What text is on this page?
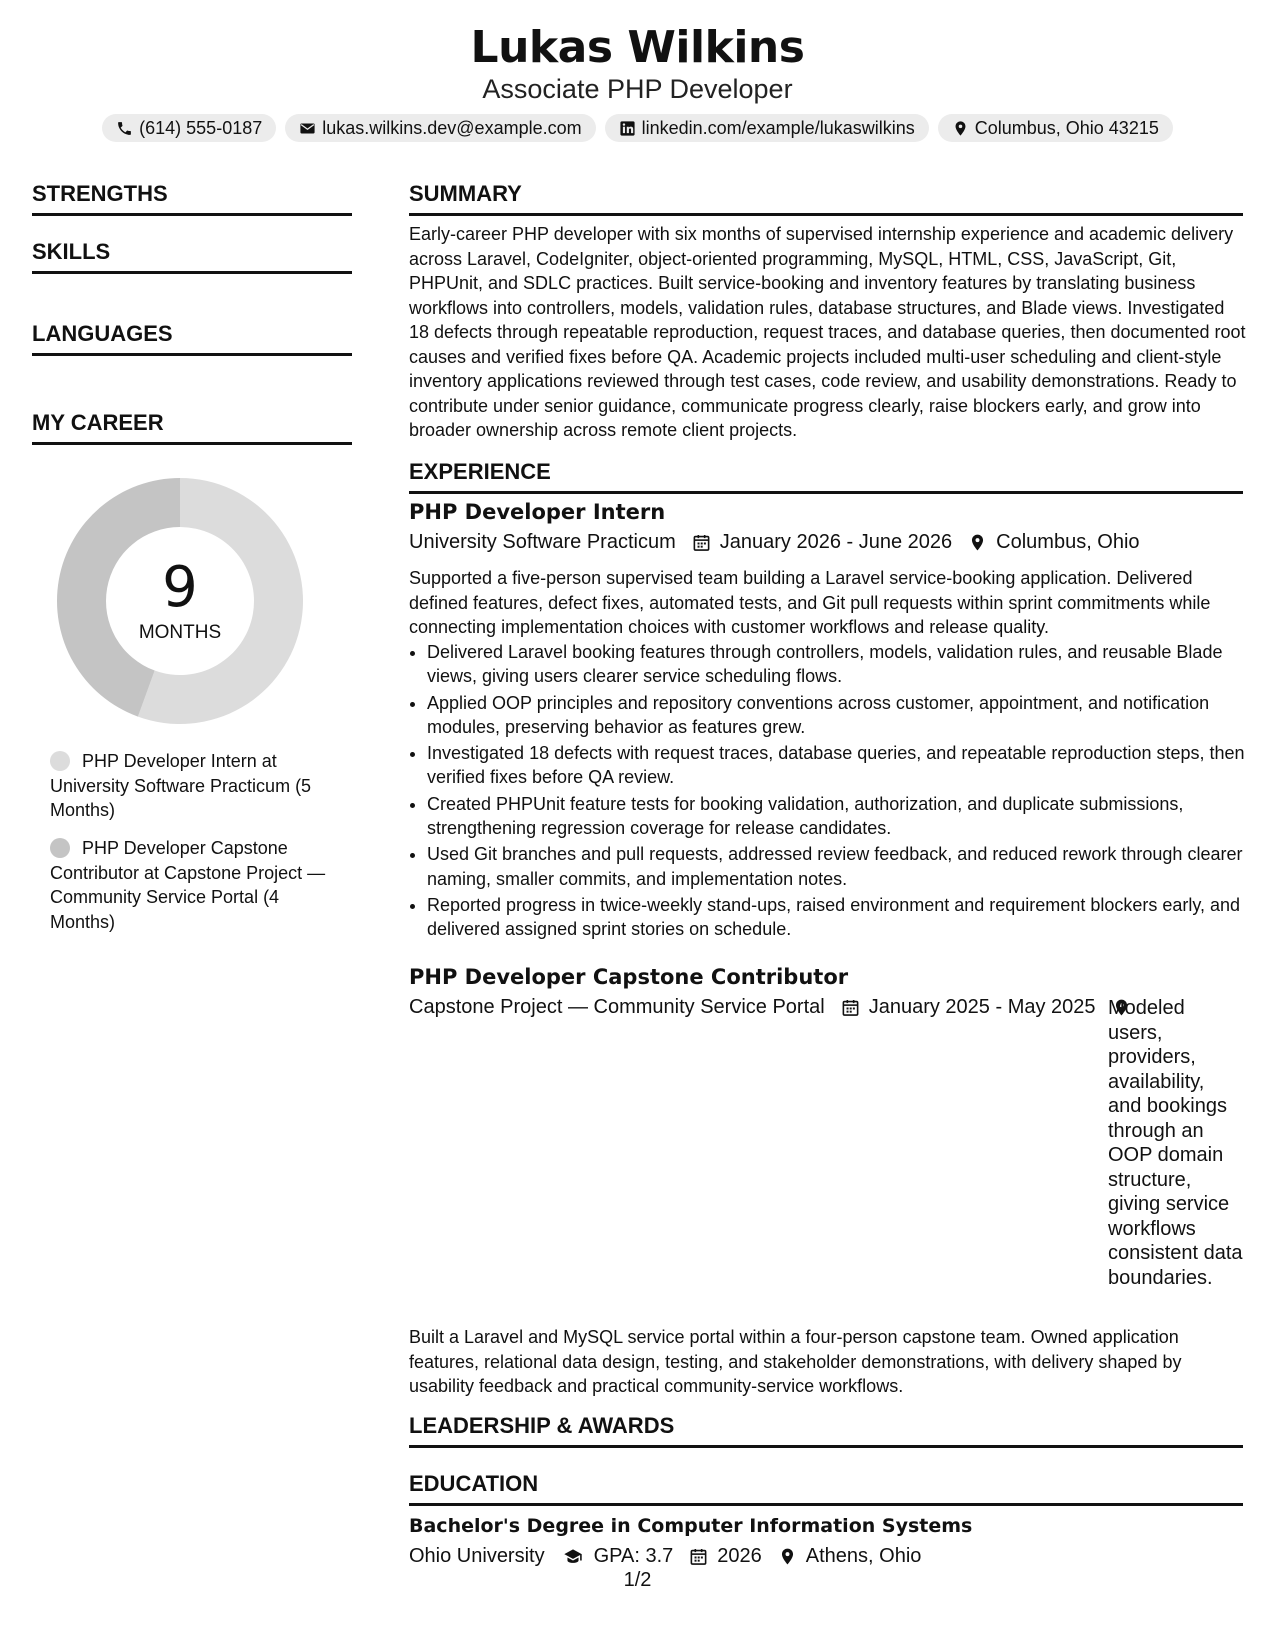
Lukas Wilkins
Associate PHP Developer
(614) 555-0187	lukas.wilkins.dev@example.com	linkedin.com/example/lukaswilkins	Columbus, Ohio 43215
STRENGTHS
SKILLS
LANGUAGES
MY CAREER
9
MONTHS
PHP Developer Intern at University Software Practicum (5 Months)
PHP Developer Capstone Contributor at Capstone Project — Community Service Portal (4 Months)
SUMMARY
Early-career PHP developer with six months of supervised internship experience and academic delivery across Laravel, CodeIgniter, object-oriented programming, MySQL, HTML, CSS, JavaScript, Git, PHPUnit, and SDLC practices. Built service-booking and inventory features by translating business workflows into controllers, models, validation rules, database structures, and Blade views. Investigated 18 defects through repeatable reproduction, request traces, and database queries, then documented root causes and verified fixes before QA. Academic projects included multi-user scheduling and client-style inventory applications reviewed through test cases, code review, and usability demonstrations. Ready to contribute under senior guidance, communicate progress clearly, raise blockers early, and grow into broader ownership across remote client projects.
EXPERIENCE
PHP Developer Intern
University Software Practicum January 2026 - June 2026 Columbus, Ohio
Supported a five-person supervised team building a Laravel service-booking application. Delivered defined features, defect fixes, automated tests, and Git pull requests within sprint commitments while connecting implementation choices with customer workflows and release quality.
• Delivered Laravel booking features through controllers, models, validation rules, and reusable Blade views, giving users clearer service scheduling flows.
• Applied OOP principles and repository conventions across customer, appointment, and notification modules, preserving behavior as features grew.
• Investigated 18 defects with request traces, database queries, and repeatable reproduction steps, then verified fixes before QA review.
• Created PHPUnit feature tests for booking validation, authorization, and duplicate submissions, strengthening regression coverage for release candidates.
• Used Git branches and pull requests, addressed review feedback, and reduced rework through clearer naming, smaller commits, and implementation notes.
• Reported progress in twice-weekly stand-ups, raised environment and requirement blockers early, and delivered assigned sprint stories on schedule.
PHP Developer Capstone Contributor
Capstone Project — Community Service Portal January 2025 - May 2025 Modeled users, providers, availability, and bookings through an OOP domain structure, giving service workflows consistent data boundaries.
Built a Laravel and MySQL service portal within a four-person capstone team. Owned application features, relational data design, testing, and stakeholder demonstrations, with delivery shaped by usability feedback and practical community-service workflows.
LEADERSHIP & AWARDS
EDUCATION
Bachelor's Degree in Computer Information Systems
Ohio University GPA: 3.7 2026 Athens, Ohio
1/2
